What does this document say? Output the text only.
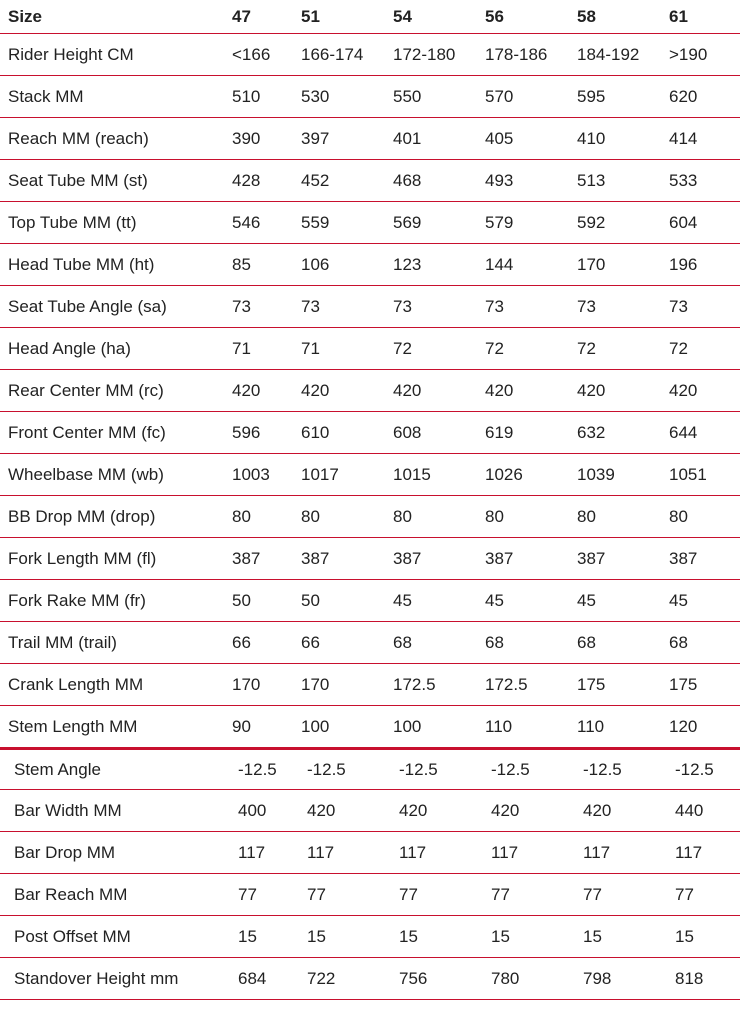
Size	47	51	54	56	58	61
Rider Height CM	<166	166-174	172-180	178-186	184-192	>190
Stack MM	510	530	550	570	595	620
Reach MM (reach)	390	397	401	405	410	414
Seat Tube MM (st)	428	452	468	493	513	533
Top Tube MM (tt)	546	559	569	579	592	604
Head Tube MM (ht)	85	106	123	144	170	196
Seat Tube Angle (sa)	73	73	73	73	73	73
Head Angle (ha)	71	71	72	72	72	72
Rear Center MM (rc)	420	420	420	420	420	420
Front Center MM (fc)	596	610	608	619	632	644
Wheelbase MM (wb)	1003	1017	1015	1026	1039	1051
BB Drop MM (drop)	80	80	80	80	80	80
Fork Length MM (fl)	387	387	387	387	387	387
Fork Rake MM (fr)	50	50	45	45	45	45
Trail MM (trail)	66	66	68	68	68	68
Crank Length MM	170	170	172.5	172.5	175	175
Stem Length MM	90	100	100	110	110	120
Stem Angle	-12.5	-12.5	-12.5	-12.5	-12.5	-12.5
Bar Width MM	400	420	420	420	420	440
Bar Drop MM	117	117	117	117	117	117
Bar Reach MM	77	77	77	77	77	77
Post Offset MM	15	15	15	15	15	15
Standover Height mm	684	722	756	780	798	818
